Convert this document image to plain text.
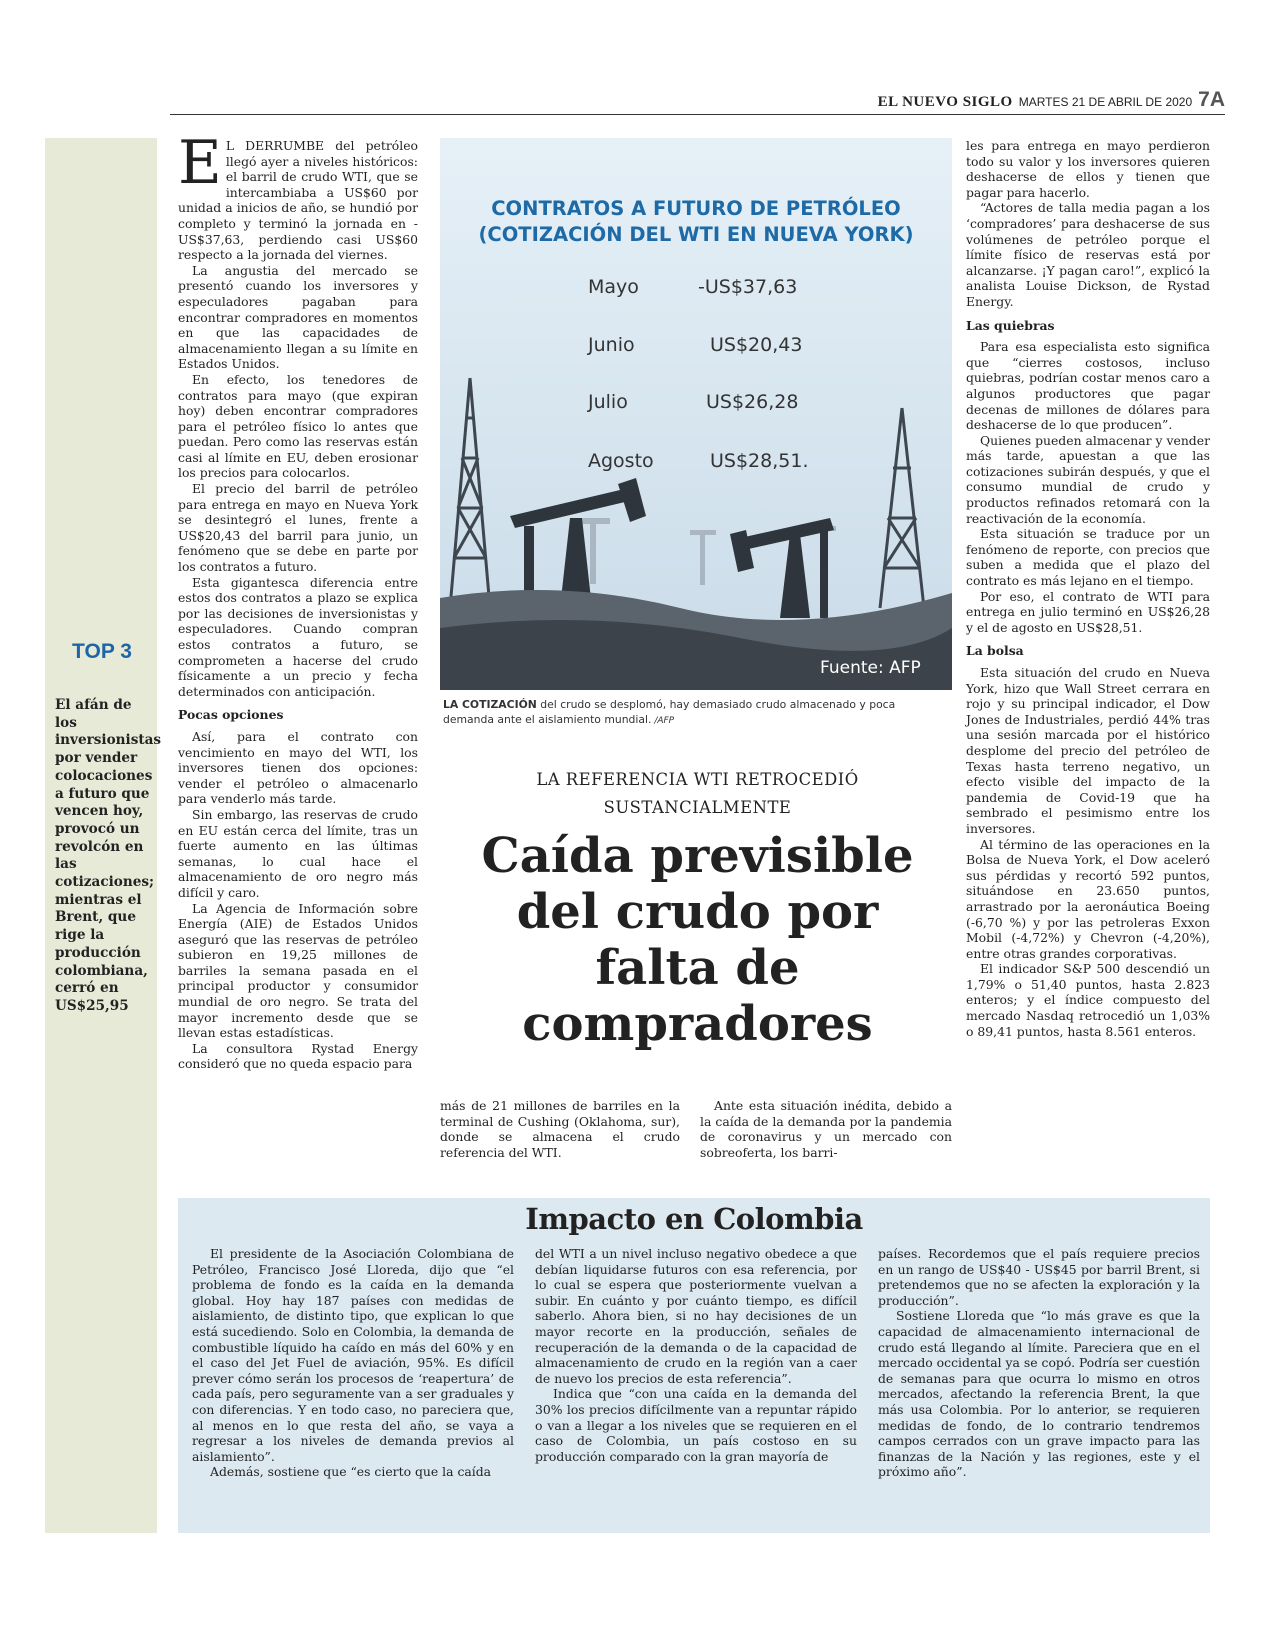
EL NUEVO SIGLO MARTES 21 DE ABRIL DE 2020 7A
TOP 3
El afán de los inversionistas por vender colocaciones a futuro que vencen hoy, provocó un revolcón en las cotizaciones; mientras el Brent, que rige la producción colombiana, cerró en US$25,95

E L DERRUMBE del petróleo llegó ayer a niveles históricos: el barril de crudo WTI, que se intercambiaba a US$60 por unidad a inicios de año, se hundió por completo y terminó la jornada en -US$37,63, perdiendo casi US$60 respecto a la jornada del viernes.

La angustia del mercado se presentó cuando los inversores y especuladores pagaban para encontrar compradores en momentos en que las capacidades de almacenamiento llegan a su límite en Estados Unidos.

En efecto, los tenedores de contratos para mayo (que expiran hoy) deben encontrar compradores para el petróleo físico lo antes que puedan. Pero como las reservas están casi al límite en EU, deben erosionar los precios para colocarlos.

El precio del barril de petróleo para entrega en mayo en Nueva York se desintegró el lunes, frente a US$20,43 del barril para junio, un fenómeno que se debe en parte por los contratos a futuro.

Esta gigantesca diferencia entre estos dos contratos a plazo se explica por las decisiones de inversionistas y especuladores. Cuando compran estos contratos a futuro, se comprometen a hacerse del crudo físicamente a un precio y fecha determinados con anticipación.

Pocas opciones

Así, para el contrato con vencimiento en mayo del WTI, los inversores tienen dos opciones: vender el petróleo o almacenarlo para venderlo más tarde.

Sin embargo, las reservas de crudo en EU están cerca del límite, tras un fuerte aumento en las últimas semanas, lo cual hace el almacenamiento de oro negro más difícil y caro.

La Agencia de Información sobre Energía (AIE) de Estados Unidos aseguró que las reservas de petróleo subieron en 19,25 millones de barriles la semana pasada en el principal productor y consumidor mundial de oro negro. Se trata del mayor incremento desde que se llevan estas estadísticas.

La consultora Rystad Energy consideró que no queda espacio para

CONTRATOS A FUTURO DE PETRÓLEO
(COTIZACIÓN DEL WTI EN NUEVA YORK)
Mayo	-US$37,63
Junio	US$20,43
Julio	US$26,28
Agosto	US$28,51.
Fuente: AFP
LA COTIZACIÓN del crudo se desplomó, hay demasiado crudo almacenado y poca demanda ante el aislamiento mundial. /AFP
LA REFERENCIA WTI RETROCEDIÓ
SUSTANCIALMENTE
Caída previsible
del crudo por
falta de
compradores

más de 21 millones de barriles en la terminal de Cushing (Oklahoma, sur), donde se almacena el crudo referencia del WTI.

Ante esta situación inédita, debido a la caída de la demanda por la pandemia de coronavirus y un mercado con sobreoferta, los barri-

les para entrega en mayo perdieron todo su valor y los inversores quieren deshacerse de ellos y tienen que pagar para hacerlo.

“Actores de talla media pagan a los ‘compradores’ para deshacerse de sus volúmenes de petróleo porque el límite físico de reservas está por alcanzarse. ¡Y pagan caro!”, explicó la analista Louise Dickson, de Rystad Energy.

Las quiebras

Para esa especialista esto significa que “cierres costosos, incluso quiebras, podrían costar menos caro a algunos productores que pagar decenas de millones de dólares para deshacerse de lo que producen”.

Quienes pueden almacenar y vender más tarde, apuestan a que las cotizaciones subirán después, y que el consumo mundial de crudo y productos refinados retomará con la reactivación de la economía.

Esta situación se traduce por un fenómeno de reporte, con precios que suben a medida que el plazo del contrato es más lejano en el tiempo.

Por eso, el contrato de WTI para entrega en julio terminó en US$26,28 y el de agosto en US$28,51.

La bolsa

Esta situación del crudo en Nueva York, hizo que Wall Street cerrara en rojo y su principal indicador, el Dow Jones de Industriales, perdió 44% tras una sesión marcada por el histórico desplome del precio del petróleo de Texas hasta terreno negativo, un efecto visible del impacto de la pandemia de Covid-19 que ha sembrado el pesimismo entre los inversores.

Al término de las operaciones en la Bolsa de Nueva York, el Dow aceleró sus pérdidas y recortó 592 puntos, situándose en 23.650 puntos, arrastrado por la aeronáutica Boeing (-6,70 %) y por las petroleras Exxon Mobil (-4,72%) y Chevron (-4,20%), entre otras grandes corporativas.

El indicador S&P 500 descendió un 1,79% o 51,40 puntos, hasta 2.823 enteros; y el índice compuesto del mercado Nasdaq retrocedió un 1,03% o 89,41 puntos, hasta 8.561 enteros.

Impacto en Colombia

El presidente de la Asociación Colombiana de Petróleo, Francisco José Lloreda, dijo que “el problema de fondo es la caída en la demanda global. Hoy hay 187 países con medidas de aislamiento, de distinto tipo, que explican lo que está sucediendo. Solo en Colombia, la demanda de combustible líquido ha caído en más del 60% y en el caso del Jet Fuel de aviación, 95%. Es difícil prever cómo serán los procesos de ‘reapertura’ de cada país, pero seguramente van a ser graduales y con diferencias. Y en todo caso, no pareciera que, al menos en lo que resta del año, se vaya a regresar a los niveles de demanda previos al aislamiento”.

Además, sostiene que “es cierto que la caída

del WTI a un nivel incluso negativo obedece a que debían liquidarse futuros con esa referencia, por lo cual se espera que posteriormente vuelvan a subir. En cuánto y por cuánto tiempo, es difícil saberlo. Ahora bien, si no hay decisiones de un mayor recorte en la producción, señales de recuperación de la demanda o de la capacidad de almacenamiento de crudo en la región van a caer de nuevo los precios de esta referencia”.

Indica que “con una caída en la demanda del 30% los precios difícilmente van a repuntar rápido o van a llegar a los niveles que se requieren en el caso de Colombia, un país costoso en su producción comparado con la gran mayoría de

países. Recordemos que el país requiere precios en un rango de US$40 - US$45 por barril Brent, si pretendemos que no se afecten la exploración y la producción”.

Sostiene Lloreda que “lo más grave es que la capacidad de almacenamiento internacional de crudo está llegando al límite. Pareciera que en el mercado occidental ya se copó. Podría ser cuestión de semanas para que ocurra lo mismo en otros mercados, afectando la referencia Brent, la que más usa Colombia. Por lo anterior, se requieren medidas de fondo, de lo contrario tendremos campos cerrados con un grave impacto para las finanzas de la Nación y las regiones, este y el próximo año”.
